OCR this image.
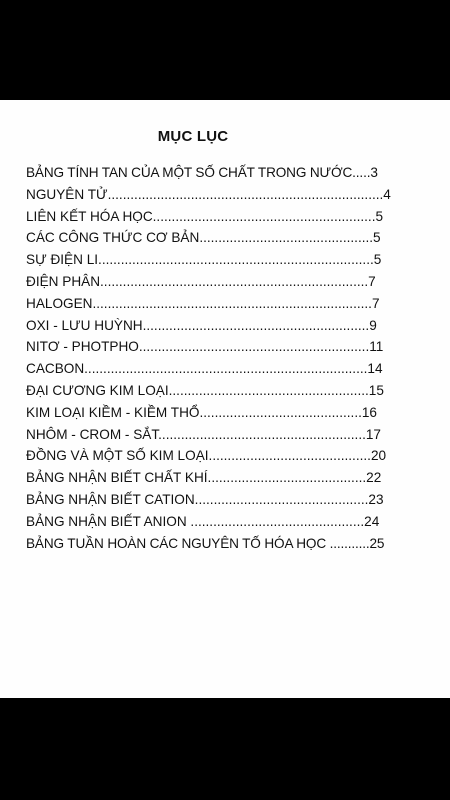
MỤC LỤC
BẢNG TÍNH TAN CỦA MỘT SỐ CHẤT TRONG NƯỚC.....3
NGUYÊN TỬ.........................................................................4
LIÊN KẾT HÓA HỌC...........................................................5
CÁC CÔNG THỨC CƠ BẢN..............................................5
SỰ ĐIỆN LI.........................................................................5
ĐIỆN PHÂN.......................................................................7
HALOGEN..........................................................................7
OXI - LƯU HUỲNH............................................................9
NITƠ - PHOTPHO.............................................................11
CACBON...........................................................................14
ĐẠI CƯƠNG KIM LOẠI.....................................................15
KIM LOẠI KIỀM - KIỀM THỔ...........................................16
NHÔM - CROM - SẮT.......................................................17
ĐỒNG VÀ MỘT SỐ KIM LOẠI...........................................20
BẢNG NHẬN BIẾT CHẤT KHÍ..........................................22
BẢNG NHẬN BIẾT CATION..............................................23
BẢNG NHẬN BIẾT ANION ..............................................24
BẢNG TUẦN HOÀN CÁC NGUYÊN TỐ HÓA HỌC ...........25
